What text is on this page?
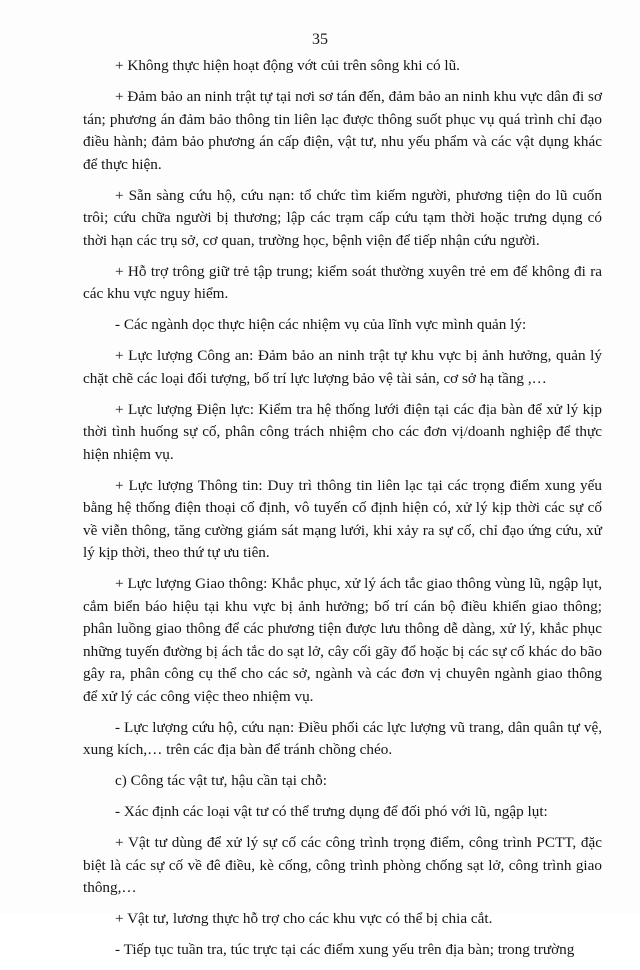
35

+ Không thực hiện hoạt động vớt củi trên sông khi có lũ.

+ Đảm bảo an ninh trật tự tại nơi sơ tán đến, đảm bảo an ninh khu vực dân đi sơ tán; phương án đảm bảo thông tin liên lạc được thông suốt phục vụ quá trình chỉ đạo điều hành; đảm bảo phương án cấp điện, vật tư, nhu yếu phẩm và các vật dụng khác để thực hiện.

+ Sẵn sàng cứu hộ, cứu nạn: tổ chức tìm kiếm người, phương tiện do lũ cuốn trôi; cứu chữa người bị thương; lập các trạm cấp cứu tạm thời hoặc trưng dụng có thời hạn các trụ sở, cơ quan, trường học, bệnh viện để tiếp nhận cứu người.

+ Hỗ trợ trông giữ trẻ tập trung; kiểm soát thường xuyên trẻ em để không đi ra các khu vực nguy hiểm.

- Các ngành dọc thực hiện các nhiệm vụ của lĩnh vực mình quản lý:

+ Lực lượng Công an: Đảm bảo an ninh trật tự khu vực bị ảnh hưởng, quản lý chặt chẽ các loại đối tượng, bố trí lực lượng bảo vệ tài sản, cơ sở hạ tầng ,…

+ Lực lượng Điện lực: Kiểm tra hệ thống lưới điện tại các địa bàn để xử lý kịp thời tình huống sự cố, phân công trách nhiệm cho các đơn vị/doanh nghiệp để thực hiện nhiệm vụ.

+ Lực lượng Thông tin: Duy trì thông tin liên lạc tại các trọng điểm xung yếu bằng hệ thống điện thoại cố định, vô tuyến cố định hiện có, xử lý kịp thời các sự cố về viễn thông, tăng cường giám sát mạng lưới, khi xảy ra sự cố, chỉ đạo ứng cứu, xử lý kịp thời, theo thứ tự ưu tiên.

+ Lực lượng Giao thông: Khắc phục, xử lý ách tắc giao thông vùng lũ, ngập lụt, cắm biển báo hiệu tại khu vực bị ảnh hưởng; bố trí cán bộ điều khiển giao thông; phân luồng giao thông để các phương tiện được lưu thông dễ dàng, xử lý, khắc phục những tuyến đường bị ách tắc do sạt lở, cây cối gãy đổ hoặc bị các sự cố khác do bão gây ra, phân công cụ thể cho các sở, ngành và các đơn vị chuyên ngành giao thông để xử lý các công việc theo nhiệm vụ.

- Lực lượng cứu hộ, cứu nạn: Điều phối các lực lượng vũ trang, dân quân tự vệ, xung kích,… trên các địa bàn để tránh chồng chéo.

c) Công tác vật tư, hậu cần tại chỗ:

- Xác định các loại vật tư có thể trưng dụng để đối phó với lũ, ngập lụt:

+ Vật tư dùng để xử lý sự cố các công trình trọng điểm, công trình PCTT, đặc biệt là các sự cố về đê điều, kè cống, công trình phòng chống sạt lở, công trình giao thông,…

+ Vật tư, lương thực hỗ trợ cho các khu vực có thể bị chia cắt.

- Tiếp tục tuần tra, túc trực tại các điểm xung yếu trên địa bàn; trong trường
